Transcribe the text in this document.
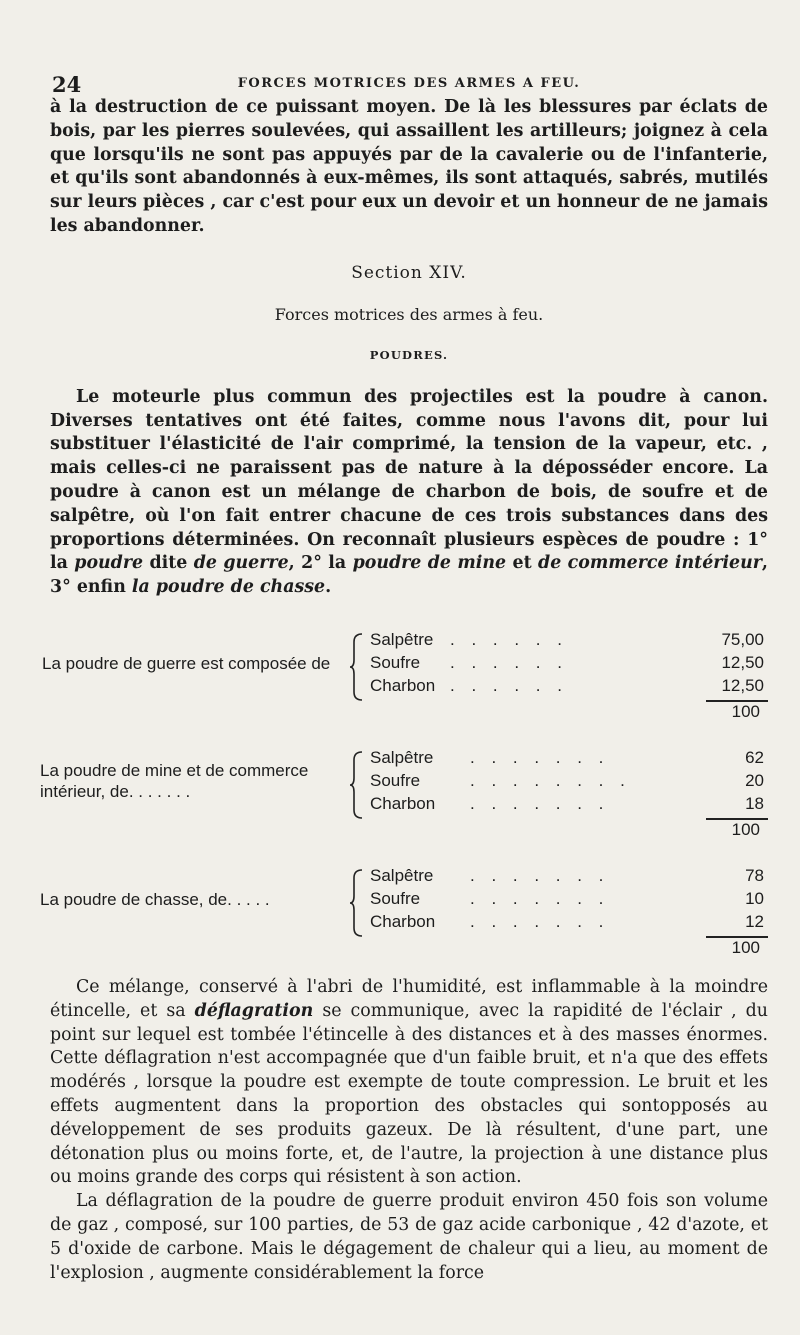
24	FORCES MOTRICES DES ARMES A FEU.

à la destruction de ce puissant moyen. De là les blessures par éclats de bois, par les pierres soulevées, qui assaillent les artilleurs; joignez à cela que lorsqu'ils ne sont pas appuyés par de la cavalerie ou de l'infanterie, et qu'ils sont abandonnés à eux-mêmes, ils sont attaqués, sabrés, mutilés sur leurs pièces , car c'est pour eux un devoir et un honneur de ne jamais les abandonner.

Section XIV.
Forces motrices des armes à feu.
POUDRES.

Le moteurle plus commun des projectiles est la poudre à canon. Diverses tentatives ont été faites, comme nous l'avons dit, pour lui substituer l'élasticité de l'air comprimé, la tension de la vapeur, etc. , mais celles-ci ne paraissent pas de nature à la déposséder encore. La poudre à canon est un mélange de charbon de bois, de soufre et de salpêtre, où l'on fait entrer chacune de ces trois substances dans des proportions déterminées. On reconnaît plusieurs espèces de poudre : 1° la poudre dite de guerre, 2° la poudre de mine et de commerce intérieur, 3° enfin la poudre de chasse.

La poudre de guerre est composée de
Salpêtre . . . . . .	75,00
Soufre . . . . . .	12,50
Charbon . . . . . .	12,50
100
La poudre de mine et de commerce
intérieur, de. . . . . . .
Salpêtre . . . . . . .	62
Soufre	. . . . . . . .	20
Charbon . . . . . . .	18
100
La poudre de chasse, de. . . . .
Salpêtre . . . . . . .	78
Soufre	. . . . . . .	10
Charbon . . . . . . .	12
100

Ce mélange, conservé à l'abri de l'humidité, est inflammable à la moindre étincelle, et sa déflagration se communique, avec la rapidité de l'éclair , du point sur lequel est tombée l'étincelle à des distances et à des masses énormes. Cette déflagration n'est accompagnée que d'un faible bruit, et n'a que des effets modérés , lorsque la poudre est exempte de toute compression. Le bruit et les effets augmentent dans la proportion des obstacles qui sontopposés au développement de ses produits gazeux. De là résultent, d'une part, une détonation plus ou moins forte, et, de l'autre, la projection à une distance plus ou moins grande des corps qui résistent à son action.

La déflagration de la poudre de guerre produit environ 450 fois son volume de gaz , composé, sur 100 parties, de 53 de gaz acide carbonique , 42 d'azote, et 5 d'oxide de carbone. Mais le dégagement de chaleur qui a lieu, au moment de l'explosion , augmente considérablement la force
